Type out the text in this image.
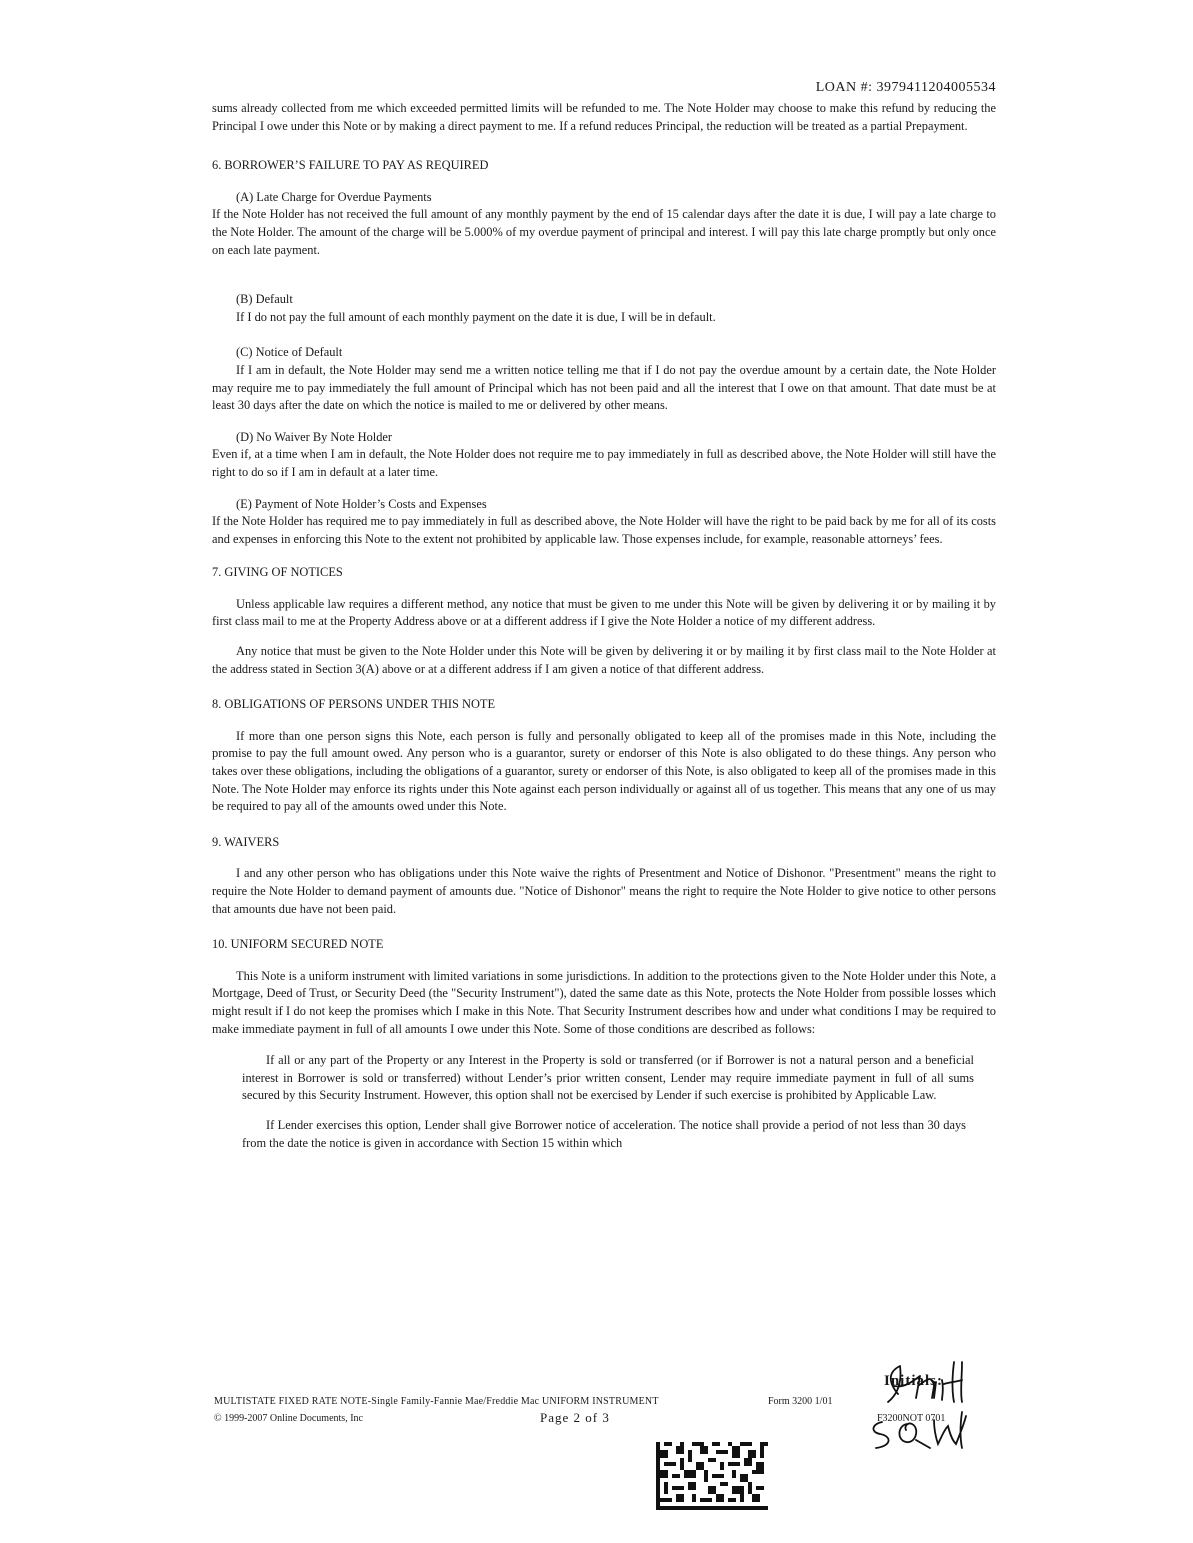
LOAN #: 3979411204005534

sums already collected from me which exceeded permitted limits will be refunded to me. The Note Holder may choose to make this refund by reducing the Principal I owe under this Note or by making a direct payment to me. If a refund reduces Principal, the reduction will be treated as a partial Prepayment.

6. BORROWER’S FAILURE TO PAY AS REQUIRED

(A) Late Charge for Overdue Payments

If the Note Holder has not received the full amount of any monthly payment by the end of 15 calendar days after the date it is due, I will pay a late charge to the Note Holder. The amount of the charge will be 5.000% of my overdue payment of principal and interest. I will pay this late charge promptly but only once on each late payment.

(B) Default

If I do not pay the full amount of each monthly payment on the date it is due, I will be in default.

(C) Notice of Default

If I am in default, the Note Holder may send me a written notice telling me that if I do not pay the overdue amount by a certain date, the Note Holder may require me to pay immediately the full amount of Principal which has not been paid and all the interest that I owe on that amount. That date must be at least 30 days after the date on which the notice is mailed to me or delivered by other means.

(D) No Waiver By Note Holder

Even if, at a time when I am in default, the Note Holder does not require me to pay immediately in full as described above, the Note Holder will still have the right to do so if I am in default at a later time.

(E) Payment of Note Holder’s Costs and Expenses

If the Note Holder has required me to pay immediately in full as described above, the Note Holder will have the right to be paid back by me for all of its costs and expenses in enforcing this Note to the extent not prohibited by applicable law. Those expenses include, for example, reasonable attorneys’ fees.

7. GIVING OF NOTICES

Unless applicable law requires a different method, any notice that must be given to me under this Note will be given by delivering it or by mailing it by first class mail to me at the Property Address above or at a different address if I give the Note Holder a notice of my different address.

Any notice that must be given to the Note Holder under this Note will be given by delivering it or by mailing it by first class mail to the Note Holder at the address stated in Section 3(A) above or at a different address if I am given a notice of that different address.

8. OBLIGATIONS OF PERSONS UNDER THIS NOTE

If more than one person signs this Note, each person is fully and personally obligated to keep all of the promises made in this Note, including the promise to pay the full amount owed. Any person who is a guarantor, surety or endorser of this Note is also obligated to do these things. Any person who takes over these obligations, including the obligations of a guarantor, surety or endorser of this Note, is also obligated to keep all of the promises made in this Note. The Note Holder may enforce its rights under this Note against each person individually or against all of us together. This means that any one of us may be required to pay all of the amounts owed under this Note.

9. WAIVERS

I and any other person who has obligations under this Note waive the rights of Presentment and Notice of Dishonor. "Presentment" means the right to require the Note Holder to demand payment of amounts due. "Notice of Dishonor" means the right to require the Note Holder to give notice to other persons that amounts due have not been paid.

10. UNIFORM SECURED NOTE

This Note is a uniform instrument with limited variations in some jurisdictions. In addition to the protections given to the Note Holder under this Note, a Mortgage, Deed of Trust, or Security Deed (the "Security Instrument"), dated the same date as this Note, protects the Note Holder from possible losses which might result if I do not keep the promises which I make in this Note. That Security Instrument describes how and under what conditions I may be required to make immediate payment in full of all amounts I owe under this Note. Some of those conditions are described as follows:

If all or any part of the Property or any Interest in the Property is sold or transferred (or if Borrower is not a natural person and a beneficial interest in Borrower is sold or transferred) without Lender’s prior written consent, Lender may require immediate payment in full of all sums secured by this Security Instrument. However, this option shall not be exercised by Lender if such exercise is prohibited by Applicable Law.

If Lender exercises this option, Lender shall give Borrower notice of acceleration. The notice shall provide a period of not less than 30 days from the date the notice is given in accordance with Section 15 within which

Initials:
MULTISTATE FIXED RATE NOTE-Single Family-Fannie Mae/Freddie Mac UNIFORM INSTRUMENT	Form 3200 1/01
© 1999-2007 Online Documents, Inc	Page 2 of 3	F3200NOT 0701
